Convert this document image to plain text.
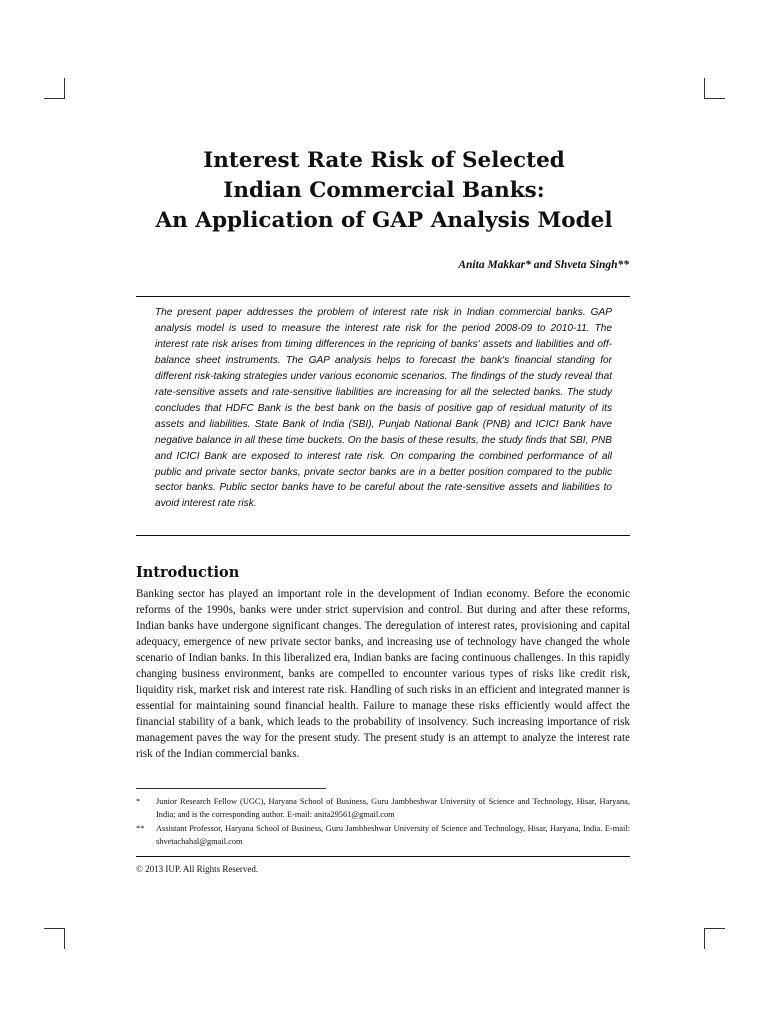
Interest Rate Risk of Selected
Indian Commercial Banks:
An Application of GAP Analysis Model

Anita Makkar* and Shveta Singh**

The present paper addresses the problem of interest rate risk in Indian commercial banks. GAP analysis model is used to measure the interest rate risk for the period 2008-09 to 2010-11. The interest rate risk arises from timing differences in the repricing of banks' assets and liabilities and off-balance sheet instruments. The GAP analysis helps to forecast the bank's financial standing for different risk-taking strategies under various economic scenarios. The findings of the study reveal that rate-sensitive assets and rate-sensitive liabilities are increasing for all the selected banks. The study concludes that HDFC Bank is the best bank on the basis of positive gap of residual maturity of its assets and liabilities. State Bank of India (SBI), Punjab National Bank (PNB) and ICICI Bank have negative balance in all these time buckets. On the basis of these results, the study finds that SBI, PNB and ICICI Bank are exposed to interest rate risk. On comparing the combined performance of all public and private sector banks, private sector banks are in a better position compared to the public sector banks. Public sector banks have to be careful about the rate-sensitive assets and liabilities to avoid interest rate risk.

Introduction

Banking sector has played an important role in the development of Indian economy. Before the economic reforms of the 1990s, banks were under strict supervision and control. But during and after these reforms, Indian banks have undergone significant changes. The deregulation of interest rates, provisioning and capital adequacy, emergence of new private sector banks, and increasing use of technology have changed the whole scenario of Indian banks. In this liberalized era, Indian banks are facing continuous challenges. In this rapidly changing business environment, banks are compelled to encounter various types of risks like credit risk, liquidity risk, market risk and interest rate risk. Handling of such risks in an efficient and integrated manner is essential for maintaining sound financial health. Failure to manage these risks efficiently would affect the financial stability of a bank, which leads to the probability of insolvency. Such increasing importance of risk management paves the way for the present study. The present study is an attempt to analyze the interest rate risk of the Indian commercial banks.

* Junior Research Fellow (UGC), Haryana School of Business, Guru Jambheshwar University of Science and Technology, Hisar, Haryana, India; and is the corresponding author. E-mail: anita29561@gmail.com
** Assistant Professor, Haryana School of Business, Guru Jambheshwar University of Science and Technology, Hisar, Haryana, India. E-mail: shvetachahal@gmail.com

© 2013 IUP. All Rights Reserved.
